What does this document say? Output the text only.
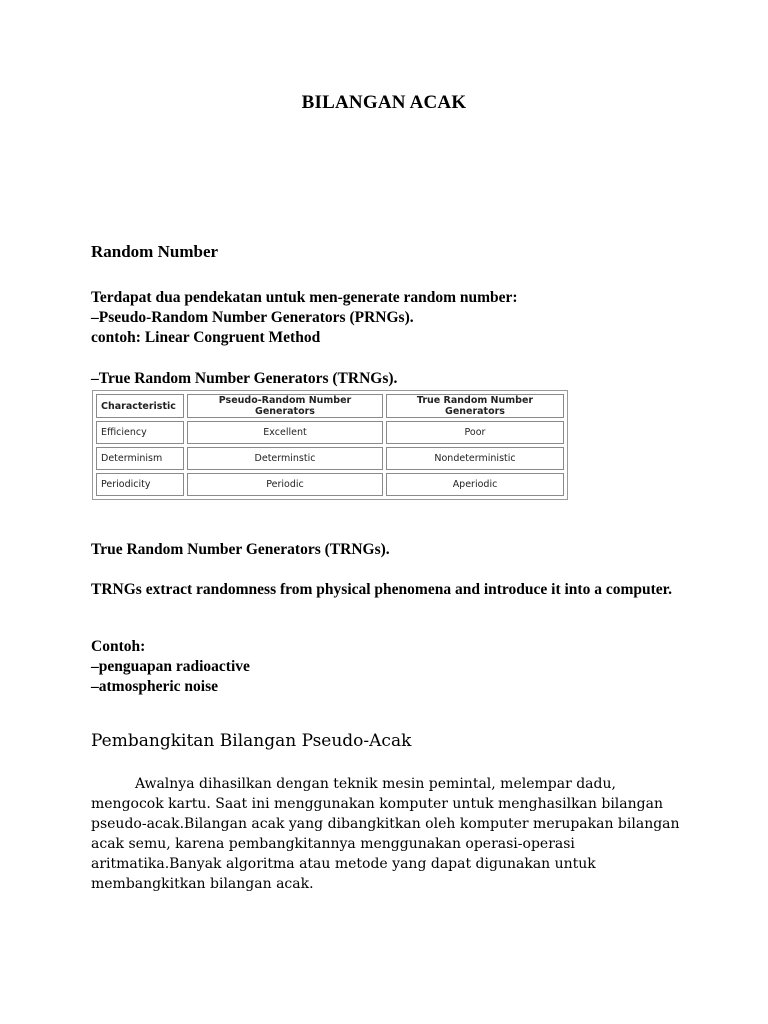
BILANGAN ACAK
Random Number
Terdapat dua pendekatan untuk men-generate random number:
–Pseudo-Random Number Generators (PRNGs).
contoh: Linear Congruent Method
–True Random Number Generators (TRNGs).
Characteristic	Pseudo-Random Number Generators	True Random Number Generators
Efficiency	Excellent	Poor
Determinism	Determinstic	Nondeterministic
Periodicity	Periodic	Aperiodic
True Random Number Generators (TRNGs).
TRNGs extract randomness from physical phenomena and introduce it into a computer.
Contoh:
–penguapan radioactive
–atmospheric noise
Pembangkitan Bilangan Pseudo-Acak
Awalnya dihasilkan dengan teknik mesin pemintal, melempar dadu,
mengocok kartu. Saat ini menggunakan komputer untuk menghasilkan bilangan
pseudo-acak.Bilangan acak yang dibangkitkan oleh komputer merupakan bilangan
acak semu, karena pembangkitannya menggunakan operasi-operasi
aritmatika.Banyak algoritma atau metode yang dapat digunakan untuk
membangkitkan bilangan acak.
